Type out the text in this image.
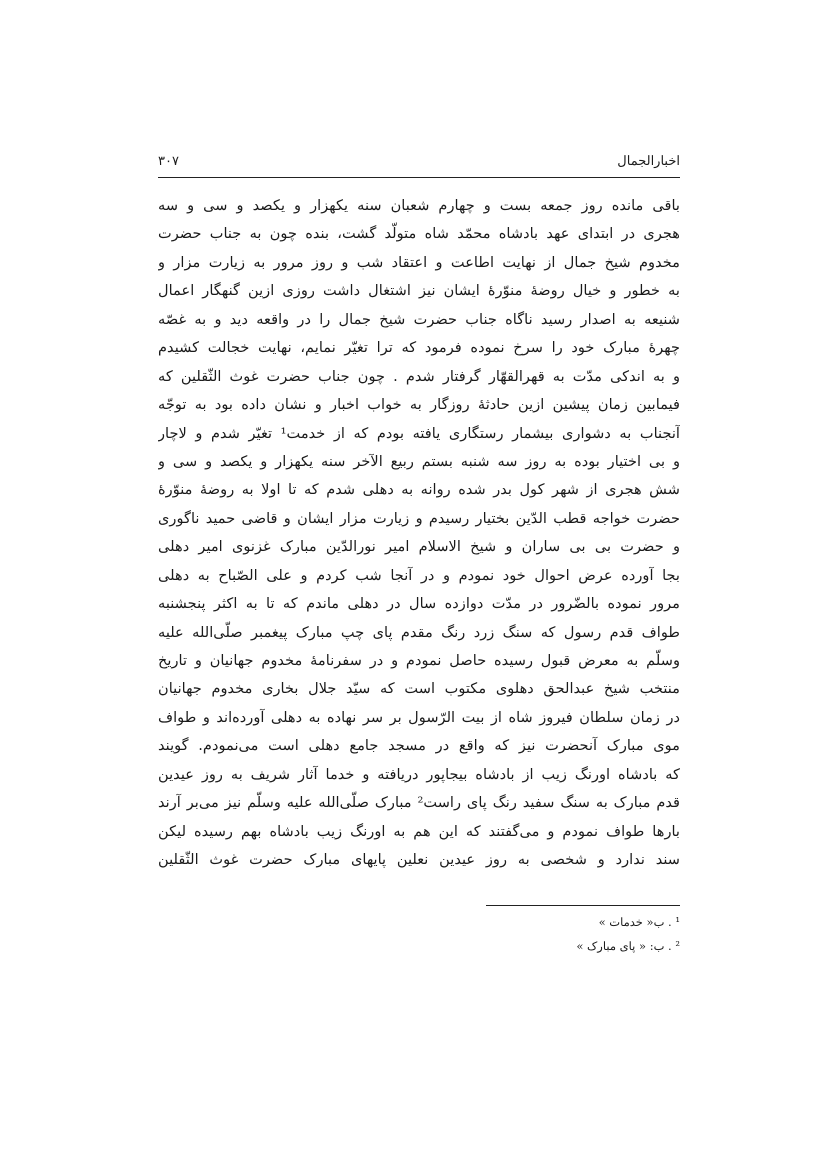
اخبارالجمال
۳۰۷
باقی مانده روز جمعه بست و چهارم شعبان سنه یکهزار و یکصد و سی و سه
هجری در ابتدای عهد بادشاه محمّد شاه متولّد گشت، بنده چون به جناب حضرت
مخدوم شیخ جمال از نهایت اطاعت و اعتقاد شب و روز مرور به زیارت مزار و
به خطور و خیال روضهٔ منوّرهٔ ایشان نیز اشتغال داشت روزی ازین گنهگار اعمال
شنیعه به اصدار رسید ناگاه جناب حضرت شیخ جمال را در واقعه دید و به غصّه
چهرهٔ مبارک خود را سرخ نموده فرمود که ترا تغیّر نمایم، نهایت خجالت کشیدم
و به اندکی مدّت به قهرالقهّار گرفتار شدم . چون جناب حضرت غوث الثّقلین که
فیمابین زمان پیشین ازین حادثهٔ روزگار به خواب اخبار و نشان داده بود به توجّه
آنجناب به دشواری بیشمار رستگاری یافته بودم که از خدمت¹ تغیّر شدم و لاچار
و بی اختیار بوده به روز سه شنبه بستم ربیع الآخر سنه یکهزار و یکصد و سی و
شش هجری از شهر کول بدر شده روانه به دهلی شدم که تا اولا به روضهٔ منوّرهٔ
حضرت خواجه قطب الدّین بختیار رسیدم و زیارت مزار ایشان و قاضی حمید ناگوری
و حضرت بی بی ساران و شیخ الاسلام امیر نورالدّین مبارک غزنوی امیر دهلی
بجا آورده عرض احوال خود نمودم و در آنجا شب کردم و علی الصّباح به دهلی
مرور نموده بالضّرور در مدّت دوازده سال در دهلی ماندم که تا به اکثر پنجشنبه
طواف قدم رسول که سنگ زرد رنگ مقدم پای چپ مبارک پیغمبر صلّی‌الله علیه
وسلّم به معرض قبول رسیده حاصل نمودم و در سفرنامهٔ مخدوم جهانیان و تاریخ
منتخب شیخ عبدالحق دهلوی مکتوب است که سیّد جلال بخاری مخدوم جهانیان
در زمان سلطان فیروز شاه از بیت الرّسول بر سر نهاده به دهلی آورده‌اند و طواف
موی مبارک آنحضرت نیز که واقع در مسجد جامع دهلی است می‌نمودم. گویند
که بادشاه اورنگ زیب از بادشاه بیجاپور دریافته و خدما آثار شریف به روز عیدین
قدم مبارک به سنگ سفید رنگ پای راست² مبارک صلّی‌الله علیه وسلّم نیز می‌بر آرند
بارها طواف نمودم و می‌گفتند که این هم به اورنگ زیب بادشاه بهم رسیده لیکن
سند ندارد و شخصی به روز عیدین نعلین پایهای مبارک حضرت غوث الثّقلین
¹ . ب« خدمات »
² . ب: « پای مبارک »
